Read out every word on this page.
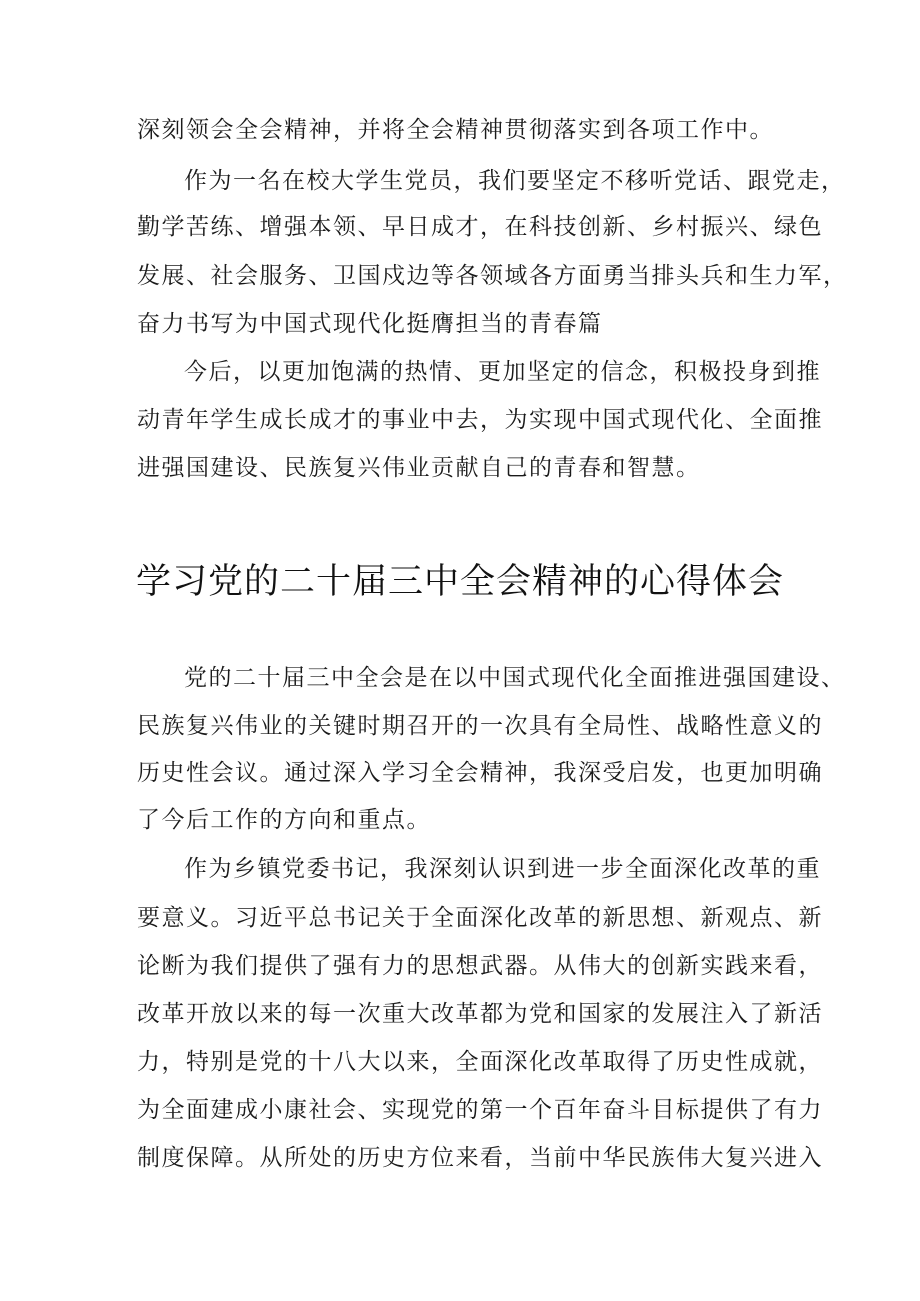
深刻领会全会精神，并将全会精神贯彻落实到各项工作中。
作为一名在校大学生党员，我们要坚定不移听党话、跟党走，
勤学苦练、增强本领、早日成才，在科技创新、乡村振兴、绿色
发展、社会服务、卫国戍边等各领域各方面勇当排头兵和生力军，
奋力书写为中国式现代化挺膺担当的青春篇
今后，以更加饱满的热情、更加坚定的信念，积极投身到推
动青年学生成长成才的事业中去，为实现中国式现代化、全面推
进强国建设、民族复兴伟业贡献自己的青春和智慧。
学习党的二十届三中全会精神的心得体会
党的二十届三中全会是在以中国式现代化全面推进强国建设、
民族复兴伟业的关键时期召开的一次具有全局性、战略性意义的
历史性会议。通过深入学习全会精神，我深受启发，也更加明确
了今后工作的方向和重点。
作为乡镇党委书记，我深刻认识到进一步全面深化改革的重
要意义。习近平总书记关于全面深化改革的新思想、新观点、新
论断为我们提供了强有力的思想武器。从伟大的创新实践来看，
改革开放以来的每一次重大改革都为党和国家的发展注入了新活
力，特别是党的十八大以来，全面深化改革取得了历史性成就，
为全面建成小康社会、实现党的第一个百年奋斗目标提供了有力
制度保障。从所处的历史方位来看，当前中华民族伟大复兴进入
